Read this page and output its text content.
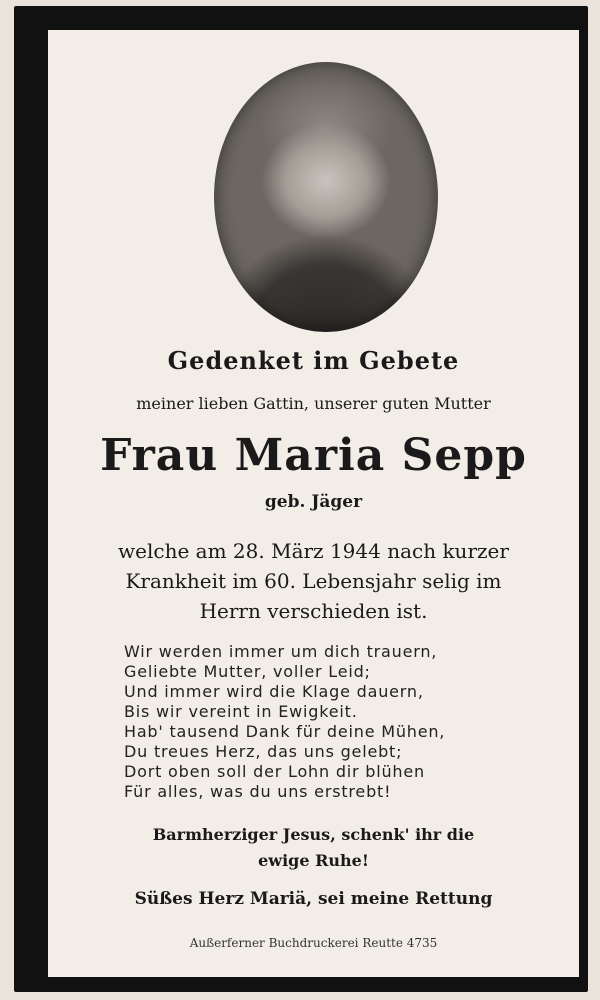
Gedenket im Gebete
meiner lieben Gattin, unserer guten Mutter
Frau Maria Sepp
geb. Jäger
welche am 28. März 1944 nach kurzer
Krankheit im 60. Lebensjahr selig im
Herrn verschieden ist.
Wir werden immer um dich trauern,
Geliebte Mutter, voller Leid;
Und immer wird die Klage dauern,
Bis wir vereint in Ewigkeit.
Hab' tausend Dank für deine Mühen,
Du treues Herz, das uns gelebt;
Dort oben soll der Lohn dir blühen
Für alles, was du uns erstrebt!
Barmherziger Jesus, schenk' ihr die
ewige Ruhe!
Süßes Herz Mariä, sei meine Rettung
Außerferner Buchdruckerei Reutte 4735
